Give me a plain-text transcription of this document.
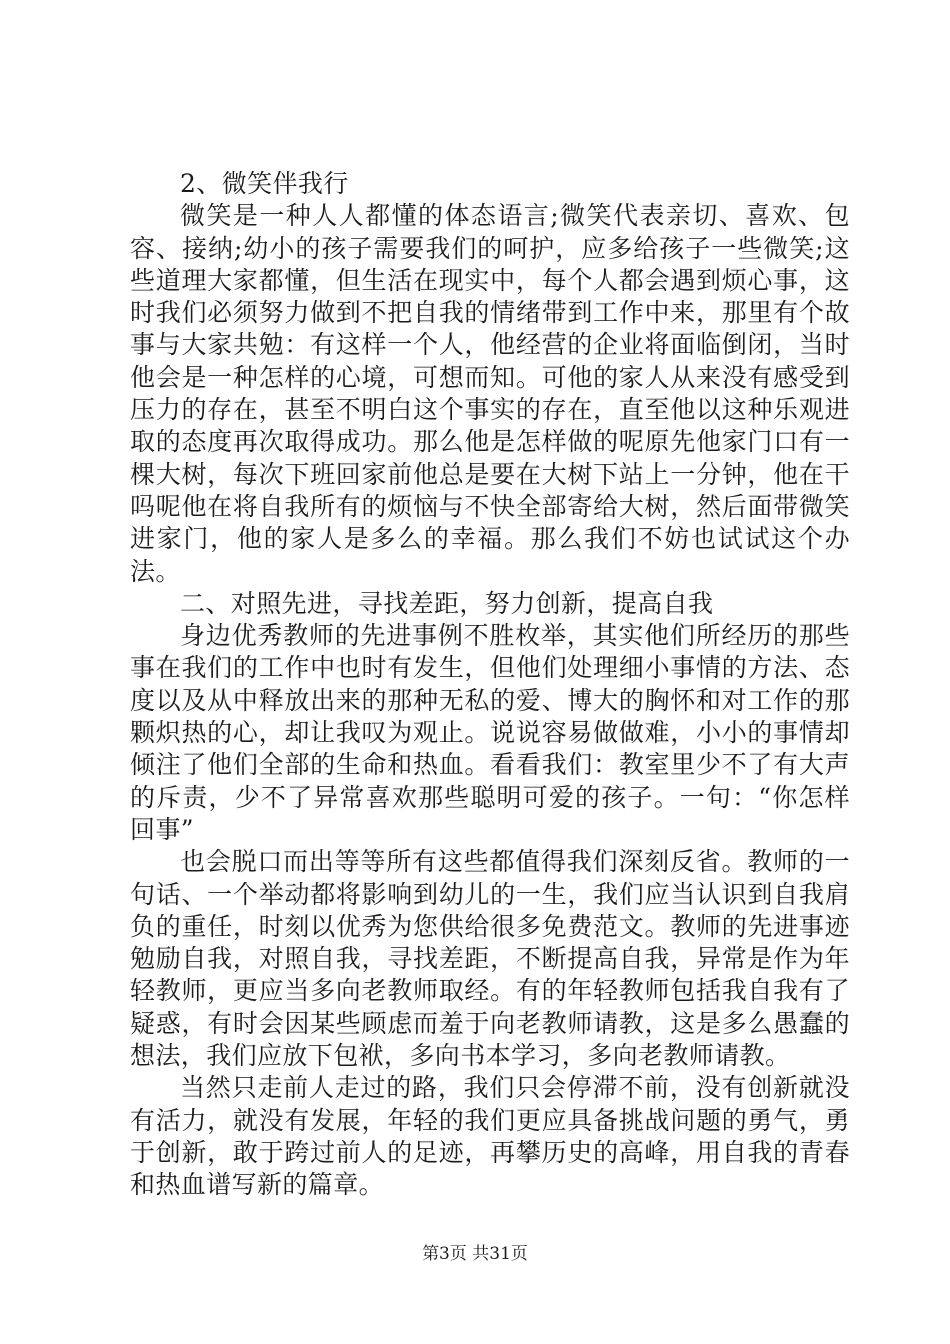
2、微笑伴我行

微笑是一种人人都懂的体态语言;微笑代表亲切、喜欢、包容、接纳;幼小的孩子需要我们的呵护，应多给孩子一些微笑;这些道理大家都懂，但生活在现实中，每个人都会遇到烦心事，这时我们必须努力做到不把自我的情绪带到工作中来，那里有个故事与大家共勉：有这样一个人，他经营的企业将面临倒闭，当时他会是一种怎样的心境，可想而知。可他的家人从来没有感受到压力的存在，甚至不明白这个事实的存在，直至他以这种乐观进取的态度再次取得成功。那么他是怎样做的呢原先他家门口有一棵大树，每次下班回家前他总是要在大树下站上一分钟，他在干吗呢他在将自我所有的烦恼与不快全部寄给大树，然后面带微笑进家门，他的家人是多么的幸福。那么我们不妨也试试这个办法。

二、对照先进，寻找差距，努力创新，提高自我

身边优秀教师的先进事例不胜枚举，其实他们所经历的那些事在我们的工作中也时有发生，但他们处理细小事情的方法、态度以及从中释放出来的那种无私的爱、博大的胸怀和对工作的那颗炽热的心，却让我叹为观止。说说容易做做难，小小的事情却倾注了他们全部的生命和热血。看看我们：教室里少不了有大声的斥责，少不了异常喜欢那些聪明可爱的孩子。一句：“你怎样回事”

也会脱口而出等等所有这些都值得我们深刻反省。教师的一句话、一个举动都将影响到幼儿的一生，我们应当认识到自我肩负的重任，时刻以优秀为您供给很多免费范文。教师的先进事迹勉励自我，对照自我，寻找差距，不断提高自我，异常是作为年轻教师，更应当多向老教师取经。有的年轻教师包括我自我有了疑惑，有时会因某些顾虑而羞于向老教师请教，这是多么愚蠢的想法，我们应放下包袱，多向书本学习，多向老教师请教。

当然只走前人走过的路，我们只会停滞不前，没有创新就没有活力，就没有发展，年轻的我们更应具备挑战问题的勇气，勇于创新，敢于跨过前人的足迹，再攀历史的高峰，用自我的青春和热血谱写新的篇章。

第3页 共31页
